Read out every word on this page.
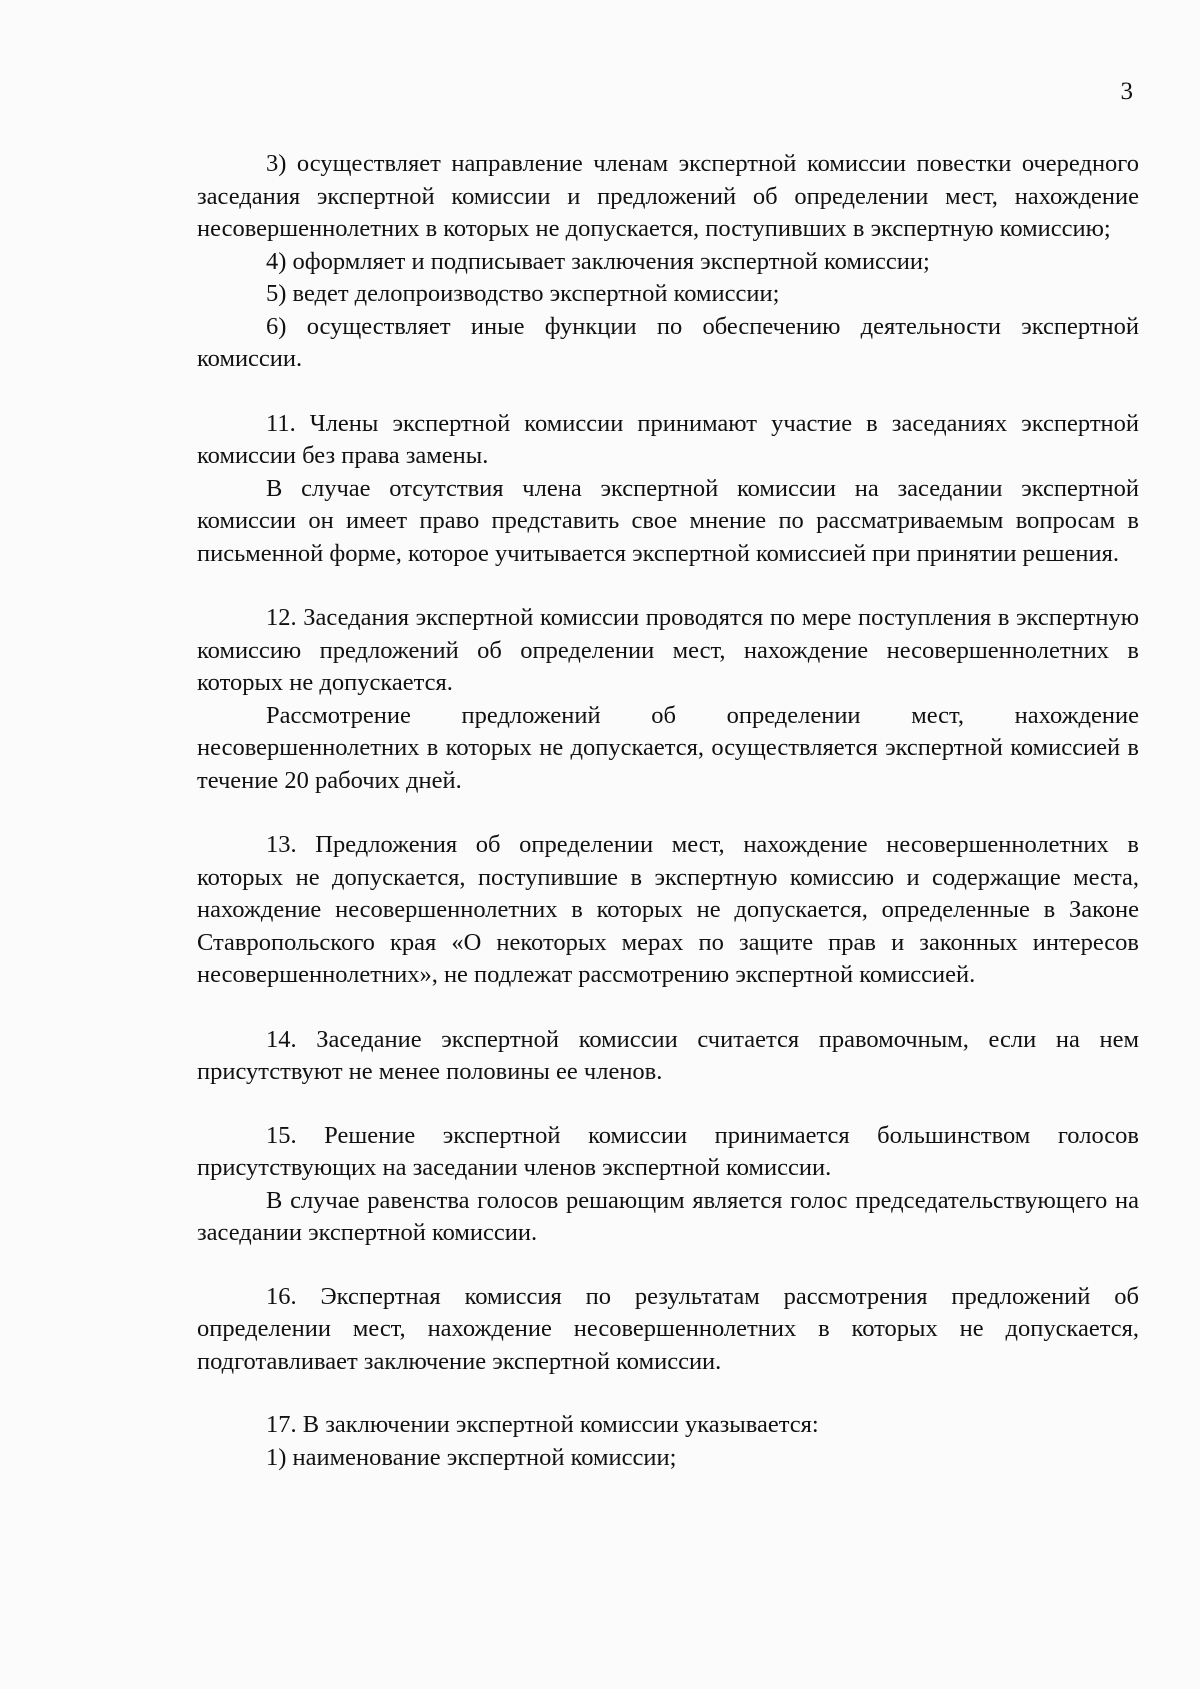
3

3) осуществляет направление членам экспертной комиссии повестки очередного заседания экспертной комиссии и предложений об определении мест, нахождение несовершеннолетних в которых не допускается, поступивших в экспертную комиссию;

4) оформляет и подписывает заключения экспертной комиссии;

5) ведет делопроизводство экспертной комиссии;

6) осуществляет иные функции по обеспечению деятельности экспертной комиссии.

11. Члены экспертной комиссии принимают участие в заседаниях экспертной комиссии без права замены.

В случае отсутствия члена экспертной комиссии на заседании экспертной комиссии он имеет право представить свое мнение по рассматриваемым вопросам в письменной форме, которое учитывается экспертной комиссией при принятии решения.

12. Заседания экспертной комиссии проводятся по мере поступления в экспертную комиссию предложений об определении мест, нахождение несовершеннолетних в которых не допускается.

Рассмотрение предложений об определении мест, нахождение несовершеннолетних в которых не допускается, осуществляется экспертной комиссией в течение 20 рабочих дней.

13. Предложения об определении мест, нахождение несовершеннолетних в которых не допускается, поступившие в экспертную комиссию и содержащие места, нахождение несовершеннолетних в которых не допускается, определенные в Законе Ставропольского края «О некоторых мерах по защите прав и законных интересов несовершеннолетних», не подлежат рассмотрению экспертной комиссией.

14. Заседание экспертной комиссии считается правомочным, если на нем присутствуют не менее половины ее членов.

15. Решение экспертной комиссии принимается большинством голосов присутствующих на заседании членов экспертной комиссии.

В случае равенства голосов решающим является голос председательствующего на заседании экспертной комиссии.

16. Экспертная комиссия по результатам рассмотрения предложений об определении мест, нахождение несовершеннолетних в которых не допускается, подготавливает заключение экспертной комиссии.

17. В заключении экспертной комиссии указывается:

1) наименование экспертной комиссии;
